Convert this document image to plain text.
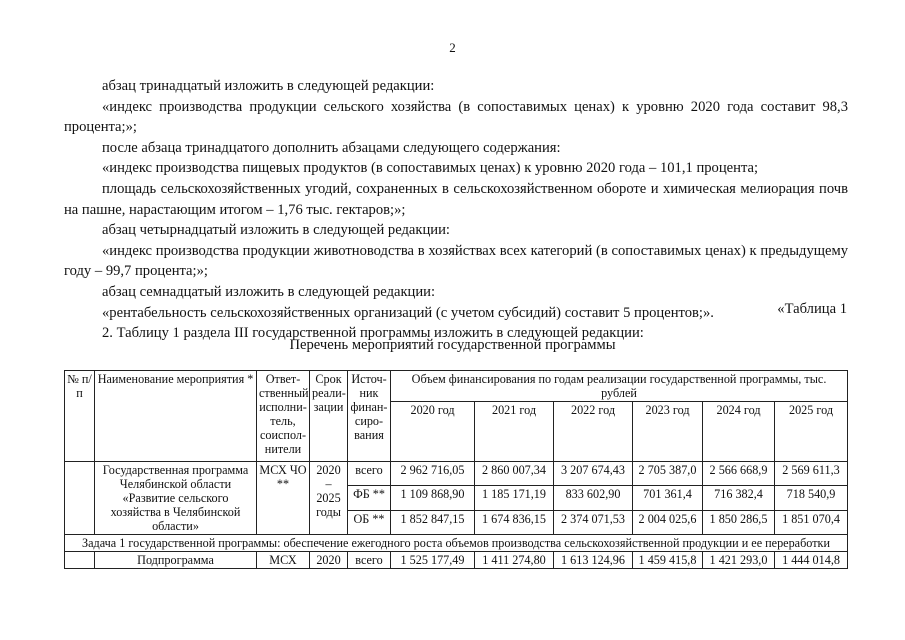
2

абзац тринадцатый изложить в следующей редакции:

«индекс производства продукции сельского хозяйства (в сопоставимых ценах) к уровню 2020 года составит 98,3 процента;»;

после абзаца тринадцатого дополнить абзацами следующего содержания:

«индекс производства пищевых продуктов (в сопоставимых ценах) к уровню 2020 года – 101,1 процента;

площадь сельскохозяйственных угодий, сохраненных в сельскохозяйственном обороте и химическая мелиорация почв на пашне, нарастающим итогом – 1,76 тыс. гектаров;»;

абзац четырнадцатый изложить в следующей редакции:

«индекс производства продукции животноводства в хозяйствах всех категорий (в сопоставимых ценах) к предыдущему году – 99,7 процента;»;

абзац семнадцатый изложить в следующей редакции:

«рентабельность сельскохозяйственных организаций (с учетом субсидий) составит 5 процентов;».

2. Таблицу 1 раздела III государственной программы изложить в следующей редакции:

«Таблица 1
Перечень мероприятий государственной программы
№ п/п	Наименование мероприятия *	Ответ-ственный исполни-тель, соиспол-нители	Срок реали-зации	Источ-ник финан-сиро-вания	Объем финансирования по годам реализации государственной программы, тыс. рублей					
					2020 год	2021 год	2022 год	2023 год	2024 год	2025 год
	Государственная программа Челябинской области «Развитие сельского хозяйства в Челябинской области»	МСХ ЧО **	2020
–
2025 годы	всего	2 962 716,05	2 860 007,34	3 207 674,43	2 705 387,0	2 566 668,9	2 569 611,3
				ФБ **	1 109 868,90	1 185 171,19	833 602,90	701 361,4	716 382,4	718 540,9
				ОБ **	1 852 847,15	1 674 836,15	2 374 071,53	2 004 025,6	1 850 286,5	1 851 070,4
Задача 1 государственной программы: обеспечение ежегодного роста объемов производства сельскохозяйственной продукции и ее переработки										
	Подпрограмма	МСХ	2020	всего	1 525 177,49	1 411 274,80	1 613 124,96	1 459 415,8	1 421 293,0	1 444 014,8
